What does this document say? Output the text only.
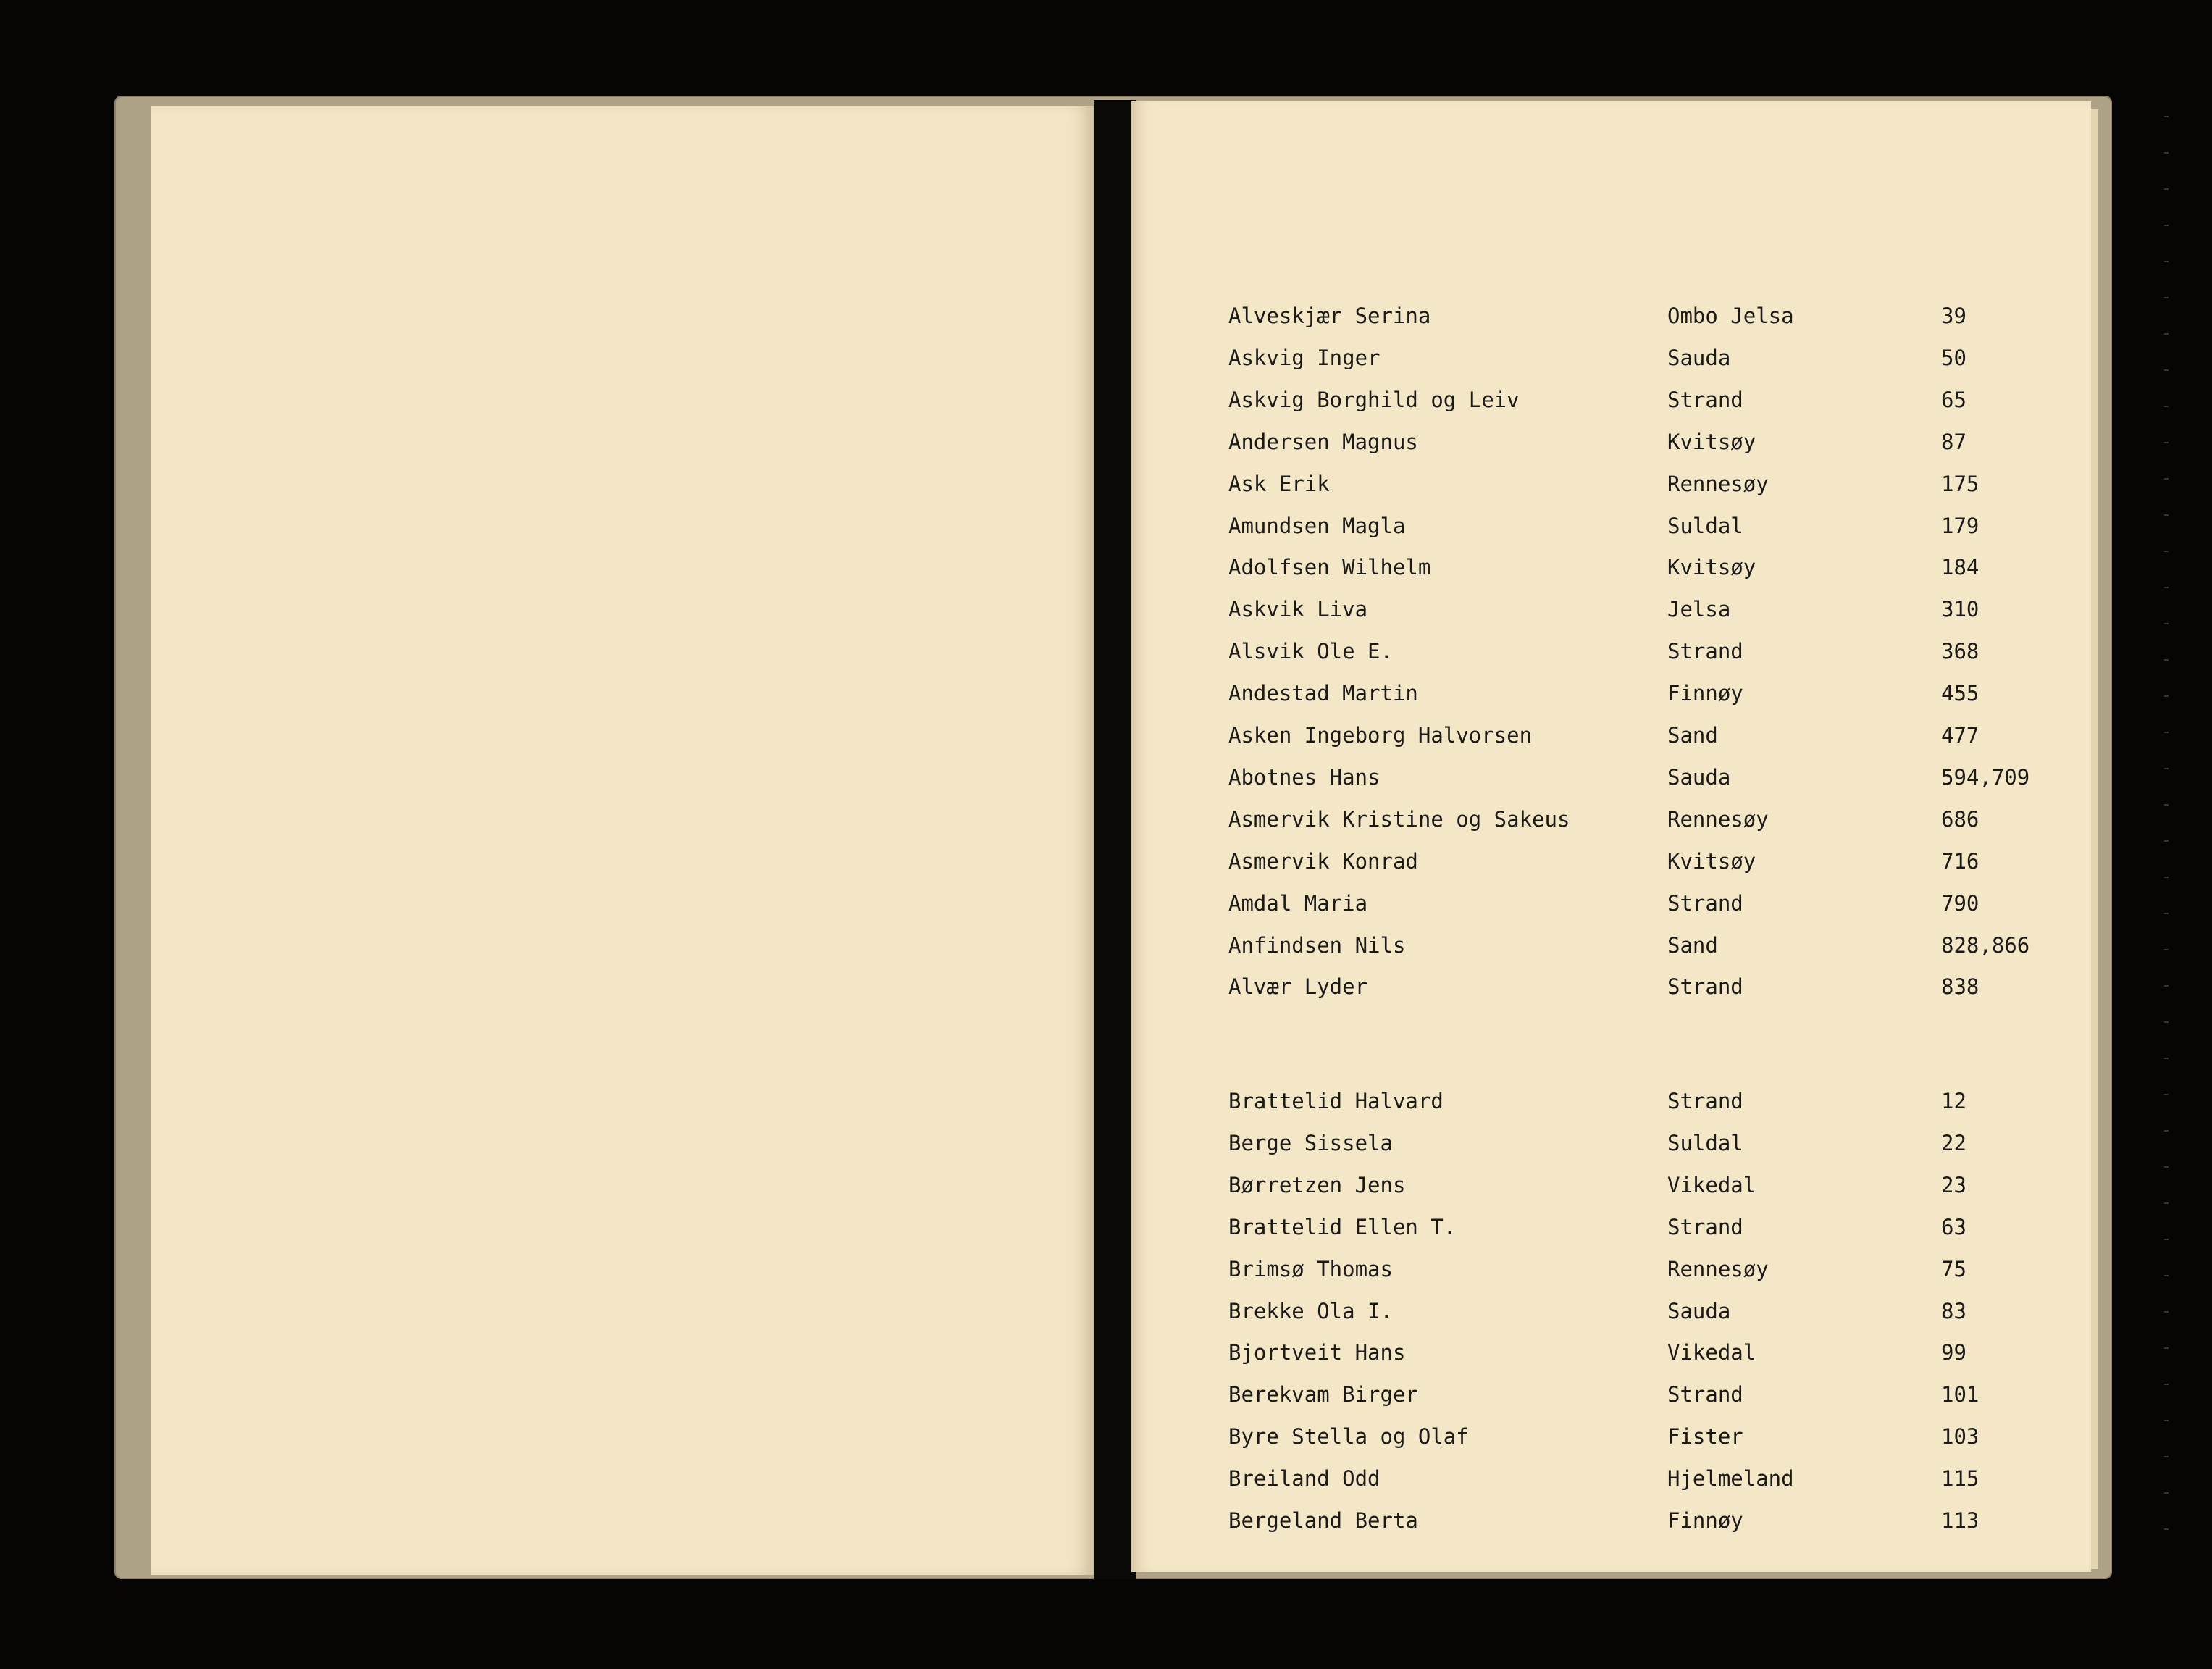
Alveskjær Serina	Ombo Jelsa	39
Askvig Inger	Sauda	50
Askvig Borghild og Leiv	Strand	65
Andersen Magnus	Kvitsøy	87
Ask Erik	Rennesøy	175
Amundsen Magla	Suldal	179
Adolfsen Wilhelm	Kvitsøy	184
Askvik Liva	Jelsa	310
Alsvik Ole E.	Strand	368
Andestad Martin	Finnøy	455
Asken Ingeborg Halvorsen	Sand	477
Abotnes Hans	Sauda	594,709
Asmervik Kristine og Sakeus	Rennesøy	686
Asmervik Konrad	Kvitsøy	716
Amdal Maria	Strand	790
Anfindsen Nils	Sand	828,866
Alvær Lyder	Strand	838
Brattelid Halvard	Strand	12
Berge Sissela	Suldal	22
Børretzen Jens	Vikedal	23
Brattelid Ellen T.	Strand	63
Brimsø Thomas	Rennesøy	75
Brekke Ola I.	Sauda	83
Bjortveit Hans	Vikedal	99
Berekvam Birger	Strand	101
Byre Stella og Olaf	Fister	103
Breiland Odd	Hjelmeland	115
Bergeland Berta	Finnøy	113
